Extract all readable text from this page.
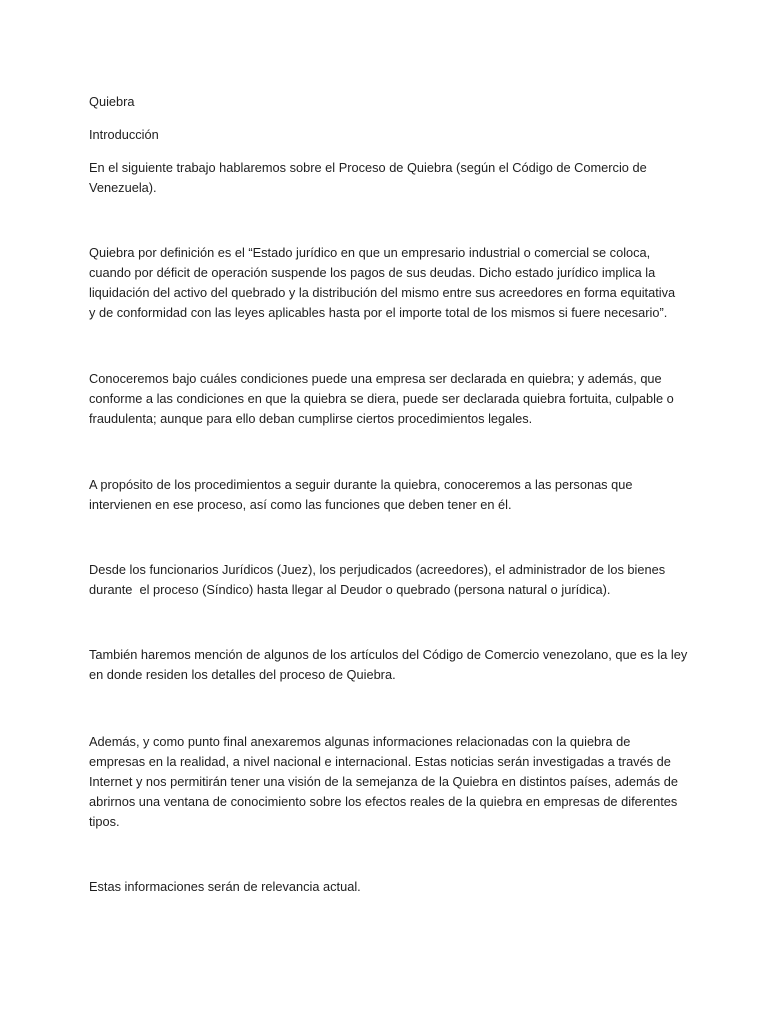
Quiebra
Introducción
En el siguiente trabajo hablaremos sobre el Proceso de Quiebra (según el Código de Comercio de
Venezuela).
Quiebra por definición es el “Estado jurídico en que un empresario industrial o comercial se coloca,
cuando por déficit de operación suspende los pagos de sus deudas. Dicho estado jurídico implica la
liquidación del activo del quebrado y la distribución del mismo entre sus acreedores en forma equitativa
y de conformidad con las leyes aplicables hasta por el importe total de los mismos si fuere necesario”.
Conoceremos bajo cuáles condiciones puede una empresa ser declarada en quiebra; y además, que
conforme a las condiciones en que la quiebra se diera, puede ser declarada quiebra fortuita, culpable o
fraudulenta; aunque para ello deban cumplirse ciertos procedimientos legales.
A propósito de los procedimientos a seguir durante la quiebra, conoceremos a las personas que
intervienen en ese proceso, así como las funciones que deben tener en él.
Desde los funcionarios Jurídicos (Juez), los perjudicados (acreedores), el administrador de los bienes
durante  el proceso (Síndico) hasta llegar al Deudor o quebrado (persona natural o jurídica).
También haremos mención de algunos de los artículos del Código de Comercio venezolano, que es la ley
en donde residen los detalles del proceso de Quiebra.
Además, y como punto final anexaremos algunas informaciones relacionadas con la quiebra de
empresas en la realidad, a nivel nacional e internacional. Estas noticias serán investigadas a través de
Internet y nos permitirán tener una visión de la semejanza de la Quiebra en distintos países, además de
abrirnos una ventana de conocimiento sobre los efectos reales de la quiebra en empresas de diferentes
tipos.
Estas informaciones serán de relevancia actual.
